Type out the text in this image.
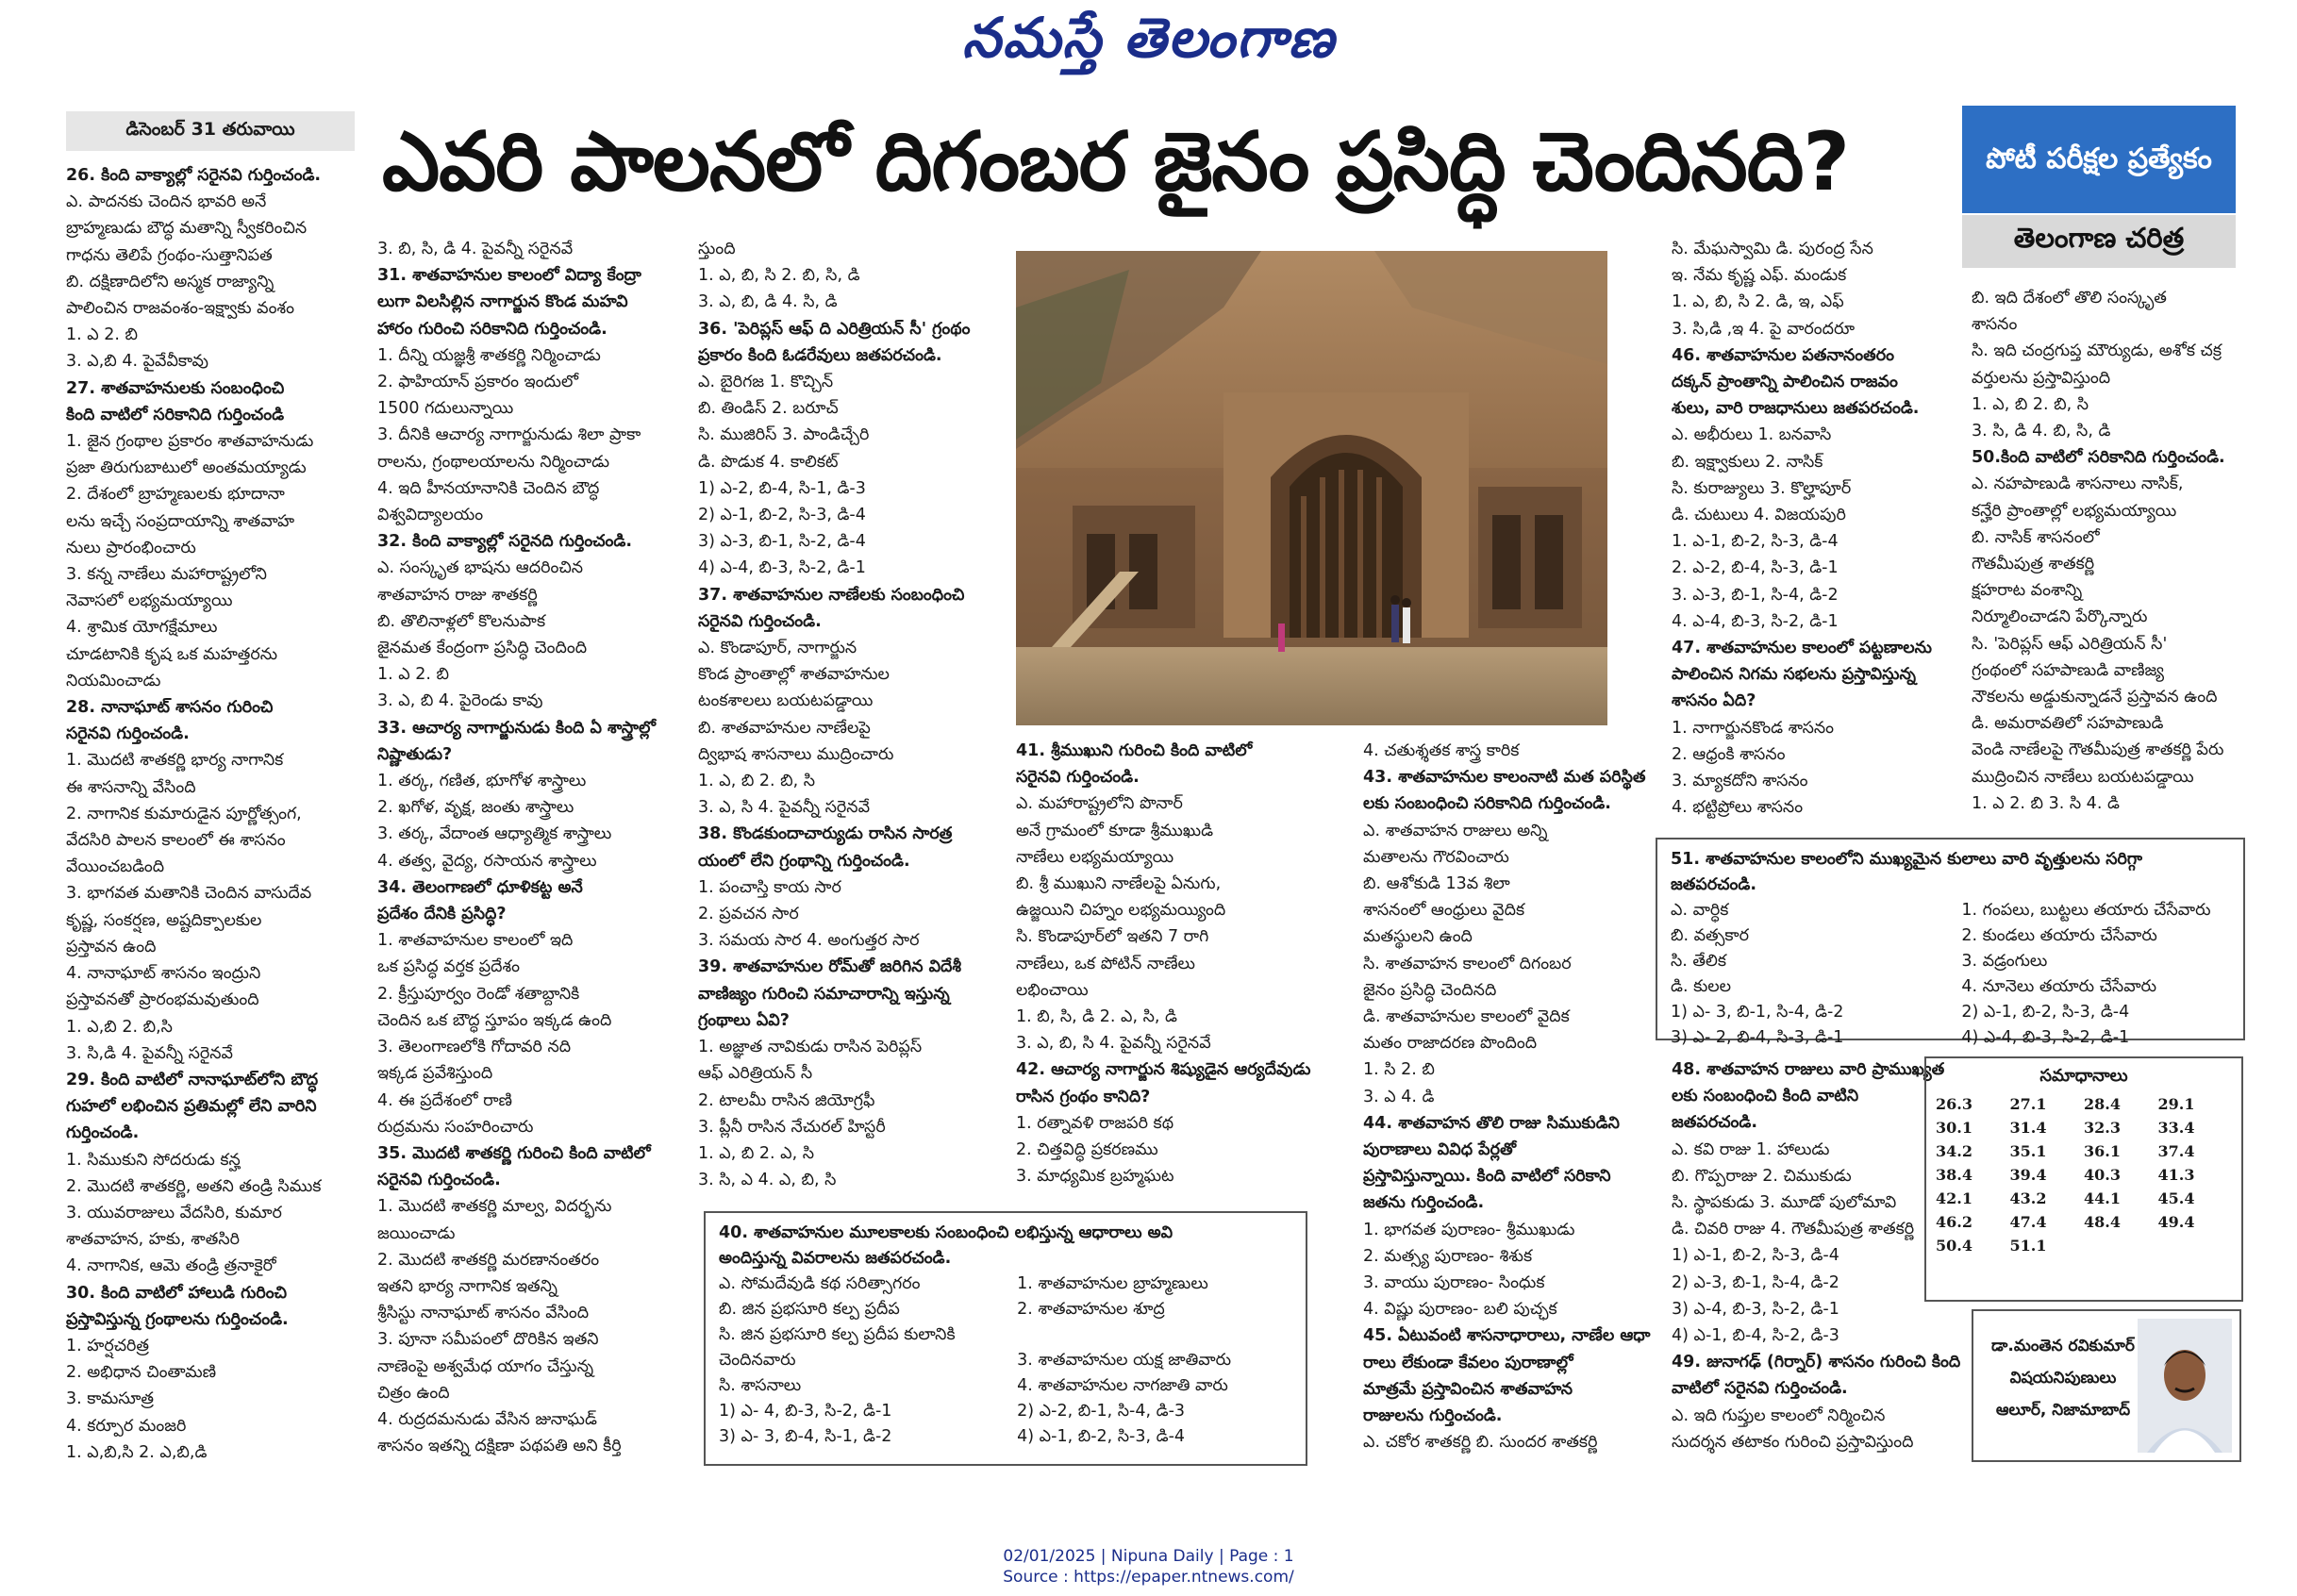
నమస్తే తెలంగాణ
ఎవరి పాలనలో దిగంబర జైనం ప్రసిద్ధి చెందినది?
డిసెంబర్ 31 తరువాయి
పోటీ పరీక్షల ప్రత్యేకం
తెలంగాణ చరిత్ర
26. కింది వాక్యాల్లో సరైనవి గుర్తించండి.
ఎ. పాదనకు చెందిన భావరి అనే
బ్రాహ్మణుడు బౌద్ధ మతాన్ని స్వీకరించిన
గాధను తెలిపే గ్రంథం-సుత్తానిపత
బి. దక్షిణాదిలోని అస్మక రాజ్యాన్ని
పాలించిన రాజవంశం-ఇక్ష్వాకు వంశం
1. ఎ 2. బి
3. ఎ,బి 4. పైవేవీకావు
27. శాతవాహనులకు సంబంధించి
కింది వాటిలో సరికానిది గుర్తించండి
1. జైన గ్రంథాల ప్రకారం శాతవాహనుడు
ప్రజా తిరుగుబాటులో అంతమయ్యాడు
2. దేశంలో బ్రాహ్మణులకు భూదానా
లను ఇచ్చే సంప్రదాయాన్ని శాతవాహ
నులు ప్రారంభించారు
3. కన్న నాణేలు మహారాష్ట్రలోని
నెవాసలో లభ్యమయ్యాయి
4. శ్రామిక యోగక్షేమాలు
చూడటానికి కృష ఒక మహత్తరను
నియమించాడు
28. నానాఘాట్ శాసనం గురించి
సరైనవి గుర్తించండి.
1. మొదటి శాతకర్ణి భార్య నాగానిక
ఈ శాసనాన్ని వేసింది
2. నాగానిక కుమారుడైన పూర్ణోత్సంగ,
వేదసిరి పాలన కాలంలో ఈ శాసనం
వేయించబడింది
3. భాగవత మతానికి చెందిన వాసుదేవ
కృష్ణ, సంకర్షణ, అష్టదిక్పాలకుల
ప్రస్తావన ఉంది
4. నానాఘాట్ శాసనం ఇంద్రుని
ప్రస్తావనతో ప్రారంభమవుతుంది
1. ఎ,బి 2. బి,సి
3. సి,డి 4. పైవన్నీ సరైనవే
29. కింది వాటిలో నానాఘాట్‌లోని బౌద్ధ
గుహలో లభించిన ప్రతిమల్లో లేని వారిని
గుర్తించండి.
1. సిముకుని సోదరుడు కన్హ
2. మొదటి శాతకర్ణి, అతని తండ్రి సిముక
3. యువరాజులు వేదసిరి, కుమార
శాతవాహన, హకు, శాతసిరి
4. నాగానిక, ఆమె తండ్రి త్రనాకైరో
30. కింది వాటిలో హాలుడి గురించి
ప్రస్తావిస్తున్న గ్రంథాలను గుర్తించండి.
1. హర్షచరిత్ర
2. అభిధాన చింతామణి
3. కామసూత్ర
4. కర్పూర మంజరి
1. ఎ,బి,సి 2. ఎ,బి,డి
3. బి, సి, డి 4. పైవన్నీ సరైనవే
31. శాతవాహనుల కాలంలో విద్యా కేంద్రా
లుగా విలసిల్లిన నాగార్జున కొండ మహవి
హారం గురించి సరికానిది గుర్తించండి.
1. దీన్ని యజ్ఞశ్రీ శాతకర్ణి నిర్మించాడు
2. ఫాహియాన్ ప్రకారం ఇందులో
1500 గదులున్నాయి
3. దీనికి ఆచార్య నాగార్జునుడు శిలా ప్రాకా
రాలను, గ్రంథాలయాలను నిర్మించాడు
4. ఇది హీనయానానికి చెందిన బౌద్ధ
విశ్వవిద్యాలయం
32. కింది వాక్యాల్లో సరైనది గుర్తించండి.
ఎ. సంస్కృత భాషను ఆదరించిన
శాతవాహన రాజు శాతకర్ణి
బి. తొలినాళ్లలో కొలనుపాక
జైనమత కేంద్రంగా ప్రసిద్ధి చెందింది
1. ఎ 2. బి
3. ఎ, బి 4. పైరెండు కావు
33. ఆచార్య నాగార్జునుడు కింది ఏ శాస్త్రాల్లో
నిష్ణాతుడు?
1. తర్క, గణిత, భూగోళ శాస్త్రాలు
2. ఖగోళ, వృక్ష, జంతు శాస్త్రాలు
3. తర్క, వేదాంత ఆధ్యాత్మిక శాస్త్రాలు
4. తత్వ, వైద్య, రసాయన శాస్త్రాలు
34. తెలంగాణలో ధూళికట్ట అనే
ప్రదేశం దేనికి ప్రసిద్ధి?
1. శాతవాహనుల కాలంలో ఇది
ఒక ప్రసిద్ధ వర్తక ప్రదేశం
2. క్రీస్తుపూర్వం రెండో శతాబ్దానికి
చెందిన ఒక బౌద్ధ స్తూపం ఇక్కడ ఉంది
3. తెలంగాణలోకి గోదావరి నది
ఇక్కడ ప్రవేశిస్తుంది
4. ఈ ప్రదేశంలో రాణి
రుద్రమను సంహరించారు
35. మొదటి శాతకర్ణి గురించి కింది వాటిలో
సరైనవి గుర్తించండి.
1. మొదటి శాతకర్ణి మాల్వ, విదర్భను
జయించాడు
2. మొదటి శాతకర్ణి మరణానంతరం
ఇతని భార్య నాగానిక ఇతన్ని
శ్రీసిస్టు నానాఘాట్ శాసనం వేసింది
3. పూనా సమీపంలో దొరికిన ఇతని
నాణెంపై అశ్వమేధ యాగం చేస్తున్న
చిత్రం ఉంది
4. రుద్రదమనుడు వేసిన జునాఘడ్
శాసనం ఇతన్ని దక్షిణా పథపతి అని కీర్తి
స్తుంది
1. ఎ, బి, సి 2. బి, సి, డి
3. ఎ, బి, డి 4. సి, డి
36. 'పెరిప్లస్ ఆఫ్ ది ఎరిత్రియన్ సీ' గ్రంథం
ప్రకారం కింది ఓడరేవులు జతపరచండి.
ఎ. బైరిగజ 1. కొచ్చిన్
బి. తిండిస్ 2. బరూచ్
సి. ముజిరిస్ 3. పాండిచ్చేరి
డి. పొడుక 4. కాలికట్
1) ఎ-2, బి-4, సి-1, డి-3
2) ఎ-1, బి-2, సి-3, డి-4
3) ఎ-3, బి-1, సి-2, డి-4
4) ఎ-4, బి-3, సి-2, డి-1
37. శాతవాహనుల నాణేలకు సంబంధించి
సరైనవి గుర్తించండి.
ఎ. కొండాపూర్, నాగార్జున
కొండ ప్రాంతాల్లో శాతవాహనుల
టంకశాలలు బయటపడ్డాయి
బి. శాతవాహనుల నాణేలపై
ద్విభాష శాసనాలు ముద్రించారు
1. ఎ, బి 2. బి, సి
3. ఎ, సి 4. పైవన్నీ సరైనవే
38. కొండకుందాచార్యుడు రాసిన సారత్ర
యంలో లేని గ్రంథాన్ని గుర్తించండి.
1. పంచాస్తి కాయ సార
2. ప్రవచన సార
3. సమయ సార 4. అంగుత్తర సార
39. శాతవాహనుల రోమ్‌తో జరిగిన విదేశీ
వాణిజ్యం గురించి సమాచారాన్ని ఇస్తున్న
గ్రంథాలు ఏవి?
1. అజ్ఞాత నావికుడు రాసిన పెరిప్లస్
ఆఫ్ ఎరిత్రియన్ సీ
2. టాలమీ రాసిన జియోగ్రఫీ
3. ప్లీనీ రాసిన నేచురల్ హిస్టరీ
1. ఎ, బి 2. ఎ, సి
3. సి, ఎ 4. ఎ, బి, సి
41. శ్రీముఖుని గురించి కింది వాటిలో
సరైనవి గుర్తించండి.
ఎ. మహారాష్ట్రలోని పొనార్
అనే గ్రామంలో కూడా శ్రీముఖుడి
నాణేలు లభ్యమయ్యాయి
బి. శ్రీ ముఖుని నాణేలపై ఏనుగు,
ఉజ్జయిని చిహ్నం లభ్యమయ్యింది
సి. కొండాపూర్‌లో ఇతని 7 రాగి
నాణేలు, ఒక పోటిన్ నాణేలు
లభించాయి
1. బి, సి, డి 2. ఎ, సి, డి
3. ఎ, బి, సి 4. పైవన్నీ సరైనవే
42. ఆచార్య నాగార్జున శిష్యుడైన ఆర్యదేవుడు
రాసిన గ్రంథం కానిది?
1. రత్నావళి రాజపరి కథ
2. చిత్తవిద్ధి ప్రకరణము
3. మాధ్యమిక బ్రహ్మఘట
4. చతుశ్శతక శాస్త్ర కారిక
43. శాతవాహనుల కాలంనాటి మత పరిస్థిత
లకు సంబంధించి సరికానిది గుర్తించండి.
ఎ. శాతవాహన రాజులు అన్ని
మతాలను గౌరవించారు
బి. ఆశోకుడి 13వ శిలా
శాసనంలో ఆంధ్రులు వైదిక
మతస్థులని ఉంది
సి. శాతవాహన కాలంలో దిగంబర
జైనం ప్రసిద్ధి చెందినది
డి. శాతవాహనుల కాలంలో వైదిక
మతం రాజాదరణ పొందింది
1. సి 2. బి
3. ఎ 4. డి
44. శాతవాహన తొలి రాజు సిముకుడిని
పురాణాలు వివిధ పేర్లతో
ప్రస్తావిస్తున్నాయి. కింది వాటిలో సరికాని
జతను గుర్తించండి.
1. భాగవత పురాణం- శ్రీముఖుడు
2. మత్స్య పురాణం- శిశుక
3. వాయు పురాణం- సింధుక
4. విష్ణు పురాణం- బలి పుచ్ఛక
45. ఏటువంటి శాసనాధారాలు, నాణేల ఆధా
రాలు లేకుండా కేవలం పురాణాల్లో
మాత్రమే ప్రస్తావించిన శాతవాహన
రాజులను గుర్తించండి.
ఎ. చకోర శాతకర్ణి బి. సుందర శాతకర్ణి
సి. మేఘస్వామి డి. పురంద్ర సేన
ఇ. నేమ కృష్ణ ఎఫ్. మండుక
1. ఎ, బి, సి 2. డి, ఇ, ఎఫ్
3. సి,డి ,ఇ 4. పై వారందరూ
46. శాతవాహనుల పతనానంతరం
దక్కన్ ప్రాంతాన్ని పాలించిన రాజవం
శులు, వారి రాజధానులు జతపరచండి.
ఎ. అభీరులు 1. బనవాసి
బి. ఇక్ష్వాకులు 2. నాసిక్
సి. కురాజ్యులు 3. కొల్హాపూర్
డి. చుటులు 4. విజయపురి
1. ఎ-1, బి-2, సి-3, డి-4
2. ఎ-2, బి-4, సి-3, డి-1
3. ఎ-3, బి-1, సి-4, డి-2
4. ఎ-4, బి-3, సి-2, డి-1
47. శాతవాహనుల కాలంలో పట్టణాలను
పాలించిన నిగమ సభలను ప్రస్తావిస్తున్న
శాసనం ఏది?
1. నాగార్జునకొండ శాసనం
2. ఆధ్రంకి శాసనం
3. మ్యాకదోని శాసనం
4. భట్టిప్రోలు శాసనం
బి. ఇది దేశంలో తొలి సంస్కృత
శాసనం
సి. ఇది చంద్రగుప్త మౌర్యుడు, అశోక చక్ర
వర్తులను ప్రస్తావిస్తుంది
1. ఎ, బి 2. బి, సి
3. సి, డి 4. బి, సి, డి
50.కింది వాటిలో సరికానిది గుర్తించండి.
ఎ. నహపాణుడి శాసనాలు నాసిక్,
కన్హేరి ప్రాంతాల్లో లభ్యమయ్యాయి
బి. నాసిక్ శాసనంలో
గౌతమీపుత్ర శాతకర్ణి
క్షహరాట వంశాన్ని
నిర్మూలించాడని పేర్కొన్నారు
సి. 'పెరిప్లస్ ఆఫ్ ఎరిత్రియన్ సీ'
గ్రంథంలో సహపాణుడి వాణిజ్య
నౌకలను అడ్డుకున్నాడనే ప్రస్తావన ఉంది
డి. అమరావతిలో సహపాణుడి
వెండి నాణేలపై గౌతమీపుత్ర శాతకర్ణి పేరు
ముద్రించిన నాణేలు బయటపడ్డాయి
1. ఎ 2. బి 3. సి 4. డి
48. శాతవాహన రాజులు వారి ప్రాముఖ్యత
లకు సంబంధించి కింది వాటిని
జతపరచండి.
ఎ. కవి రాజు 1. హాలుడు
బి. గొప్పరాజు 2. చిముకుడు
సి. స్థాపకుడు 3. మూడో పులోమావి
డి. చివరి రాజు 4. గౌతమీపుత్ర శాతకర్ణి
1) ఎ-1, బి-2, సి-3, డి-4
2) ఎ-3, బి-1, సి-4, డి-2
3) ఎ-4, బి-3, సి-2, డి-1
4) ఎ-1, బి-4, సి-2, డి-3
49. జునాగఢ్ (గిర్నార్) శాసనం గురించి కింది
వాటిలో సరైనవి గుర్తించండి.
ఎ. ఇది గుప్తుల కాలంలో నిర్మించిన
సుదర్శన తటాకం గురించి ప్రస్తావిస్తుంది
40. శాతవాహనుల మూలకాలకు సంబంధించి లభిస్తున్న ఆధారాలు అవి
అందిస్తున్న వివరాలను జతపరచండి.
ఎ. సోమదేవుడి కథ సరిత్సాగరం	1. శాతవాహనుల బ్రాహ్మణులు
బి. జిన ప్రభసూరి కల్ప ప్రదీప	2. శాతవాహనుల శూద్ర
సి. జిన ప్రభసూరి కల్ప ప్రదీప కులానికి
చెందినవారు	3. శాతవాహనుల యక్ష జాతివారు
సి. శాసనాలు	4. శాతవాహనుల నాగజాతి వారు
1) ఎ- 4, బి-3, సి-2, డి-1	2) ఎ-2, బి-1, సి-4, డి-3
3) ఎ- 3, బి-4, సి-1, డి-2	4) ఎ-1, బి-2, సి-3, డి-4
51. శాతవాహనుల కాలంలోని ముఖ్యమైన కులాలు వారి వృత్తులను సరిగ్గా జతపరచండి.
ఎ. వార్ధిక	1. గంపలు, బుట్టలు తయారు చేసేవారు
బి. వత్సకార	2. కుండలు తయారు చేసేవారు
సి. తేలిక	3. వడ్రంగులు
డి. కులల	4. నూనెలు తయారు చేసేవారు
1) ఎ- 3, బి-1, సి-4, డి-2	2) ఎ-1, బి-2, సి-3, డి-4
3) ఎ- 2, బి-4, సి-3, డి-1	4) ఎ-4, బి-3, సి-2, డి-1
సమాధానాలు
26.3	27.1	28.4	29.1
30.1	31.4	32.3	33.4
34.2	35.1	36.1	37.4
38.4	39.4	40.3	41.3
42.1	43.2	44.1	45.4
46.2	47.4	48.4	49.4
50.4	51.1
డా.మంతెన రవికుమార్
విషయనిపుణులు
ఆలూర్, నిజామాబాద్
02/01/2025 | Nipuna Daily | Page : 1
Source : https://epaper.ntnews.com/
